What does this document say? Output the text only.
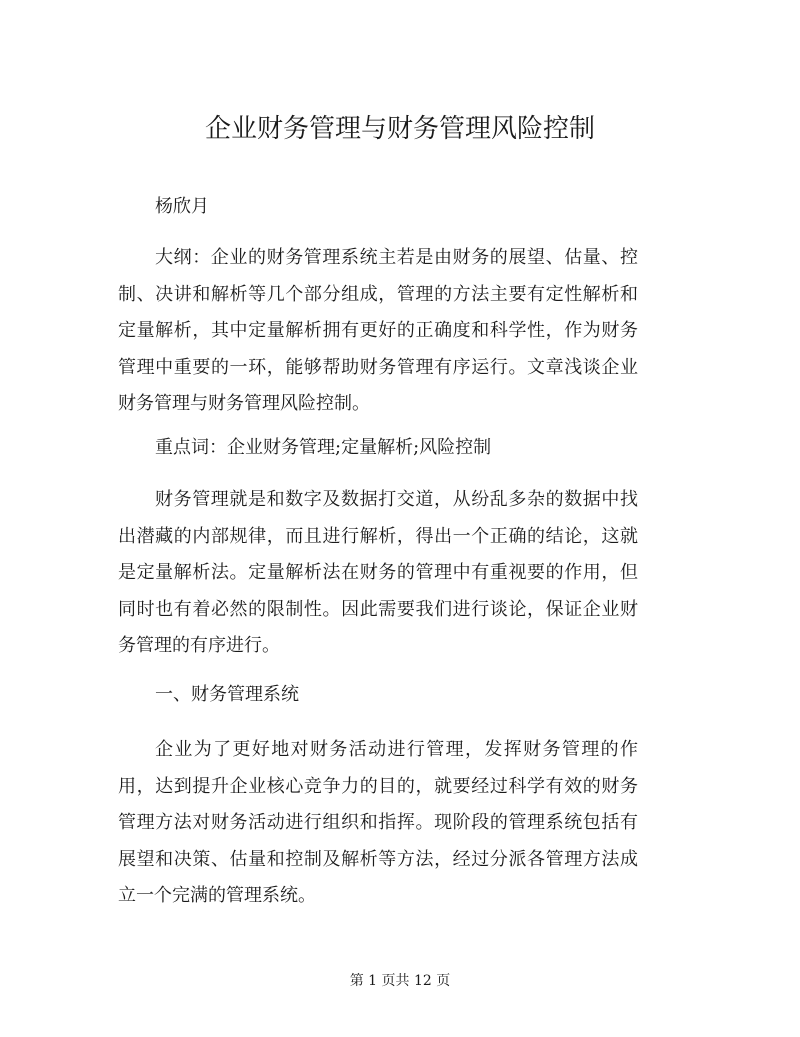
企业财务管理与财务管理风险控制
杨欣月
大纲：企业的财务管理系统主若是由财务的展望、估量、控制、决讲和解析等几个部分组成，管理的方法主要有定性解析和定量解析，其中定量解析拥有更好的正确度和科学性，作为财务管理中重要的一环，能够帮助财务管理有序运行。文章浅谈企业财务管理与财务管理风险控制。
重点词：企业财务管理;定量解析;风险控制
财务管理就是和数字及数据打交道，从纷乱多杂的数据中找出潜藏的内部规律，而且进行解析，得出一个正确的结论，这就是定量解析法。定量解析法在财务的管理中有重视要的作用，但同时也有着必然的限制性。因此需要我们进行谈论，保证企业财务管理的有序进行。
一、财务管理系统
企业为了更好地对财务活动进行管理，发挥财务管理的作用，达到提升企业核心竞争力的目的，就要经过科学有效的财务管理方法对财务活动进行组织和指挥。现阶段的管理系统包括有展望和决策、估量和控制及解析等方法，经过分派各管理方法成立一个完满的管理系统。
第 1 页共 12 页
